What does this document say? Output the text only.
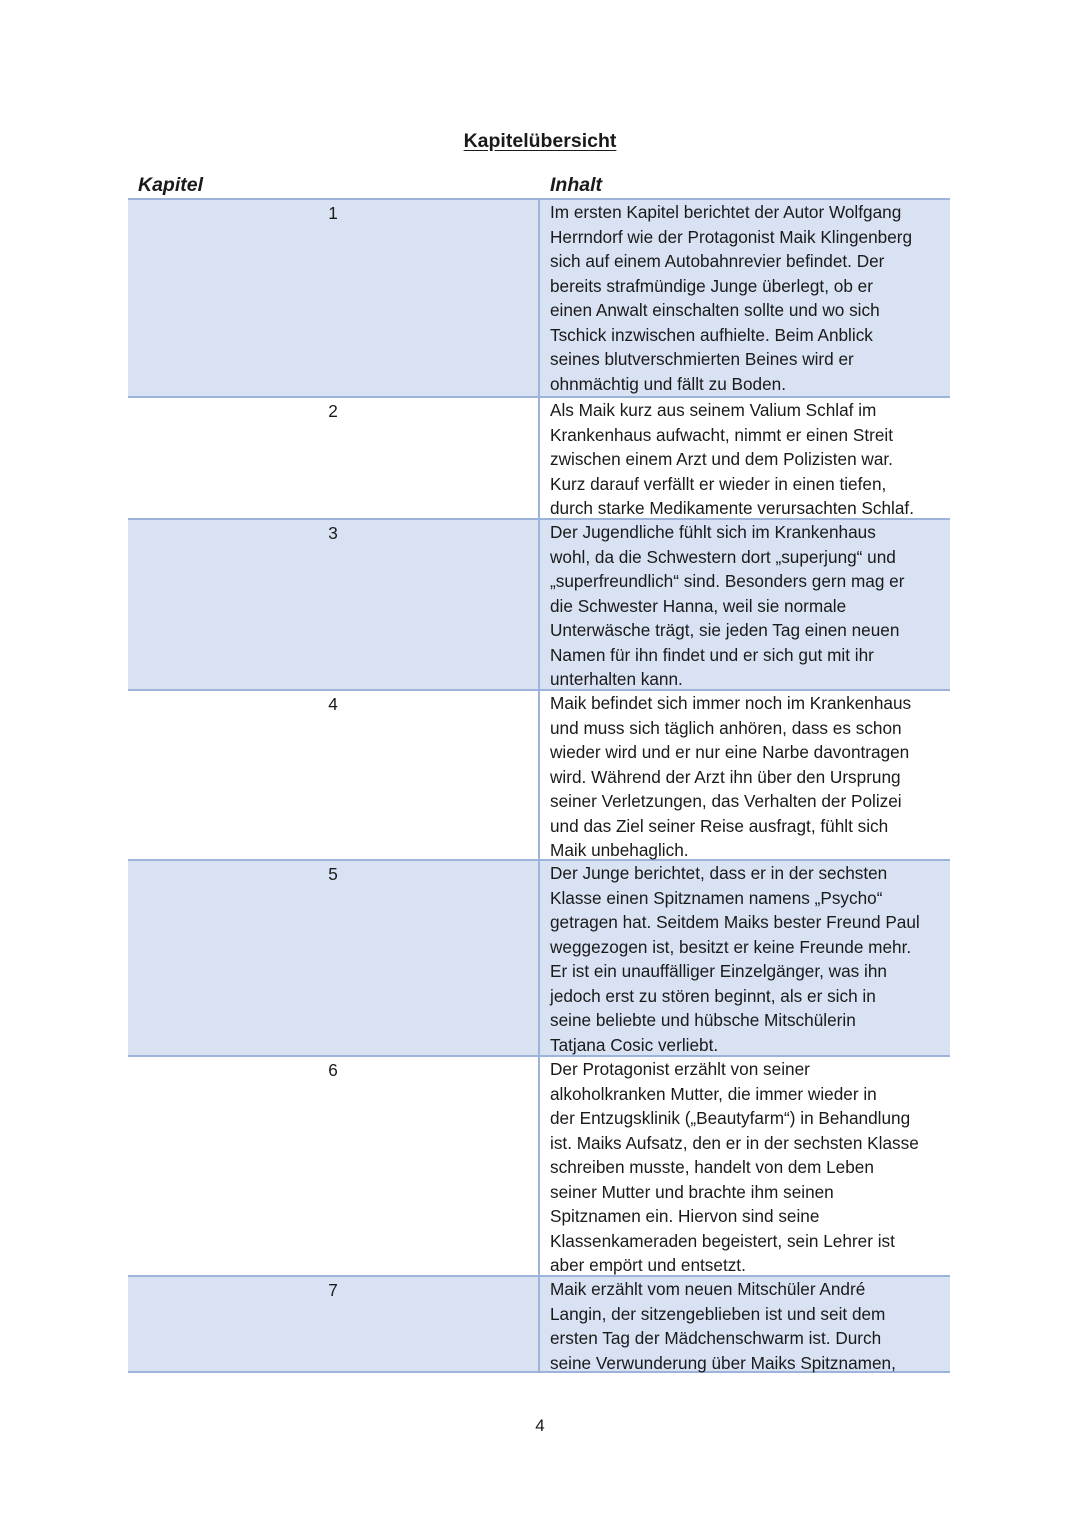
Kapitelübersicht
Kapitel	Inhalt
1	Im ersten Kapitel berichtet der Autor Wolfgang
Herrndorf wie der Protagonist Maik Klingenberg
sich auf einem Autobahnrevier befindet. Der
bereits strafmündige Junge überlegt, ob er
einen Anwalt einschalten sollte und wo sich
Tschick inzwischen aufhielte. Beim Anblick
seines blutverschmierten Beines wird er
ohnmächtig und fällt zu Boden.
2	Als Maik kurz aus seinem Valium Schlaf im
Krankenhaus aufwacht, nimmt er einen Streit
zwischen einem Arzt und dem Polizisten war.
Kurz darauf verfällt er wieder in einen tiefen,
durch starke Medikamente verursachten Schlaf.
3	Der Jugendliche fühlt sich im Krankenhaus
wohl, da die Schwestern dort „superjung“ und
„superfreundlich“ sind. Besonders gern mag er
die Schwester Hanna, weil sie normale
Unterwäsche trägt, sie jeden Tag einen neuen
Namen für ihn findet und er sich gut mit ihr
unterhalten kann.
4	Maik befindet sich immer noch im Krankenhaus
und muss sich täglich anhören, dass es schon
wieder wird und er nur eine Narbe davontragen
wird. Während der Arzt ihn über den Ursprung
seiner Verletzungen, das Verhalten der Polizei
und das Ziel seiner Reise ausfragt, fühlt sich
Maik unbehaglich.
5	Der Junge berichtet, dass er in der sechsten
Klasse einen Spitznamen namens „Psycho“
getragen hat. Seitdem Maiks bester Freund Paul
weggezogen ist, besitzt er keine Freunde mehr.
Er ist ein unauffälliger Einzelgänger, was ihn
jedoch erst zu stören beginnt, als er sich in
seine beliebte und hübsche Mitschülerin
Tatjana Cosic verliebt.
6	Der Protagonist erzählt von seiner
alkoholkranken Mutter, die immer wieder in
der Entzugsklinik („Beautyfarm“) in Behandlung
ist. Maiks Aufsatz, den er in der sechsten Klasse
schreiben musste, handelt von dem Leben
seiner Mutter und brachte ihm seinen
Spitznamen ein. Hiervon sind seine
Klassenkameraden begeistert, sein Lehrer ist
aber empört und entsetzt.
7	Maik erzählt vom neuen Mitschüler André
Langin, der sitzengeblieben ist und seit dem
ersten Tag der Mädchenschwarm ist. Durch
seine Verwunderung über Maiks Spitznamen,
4
